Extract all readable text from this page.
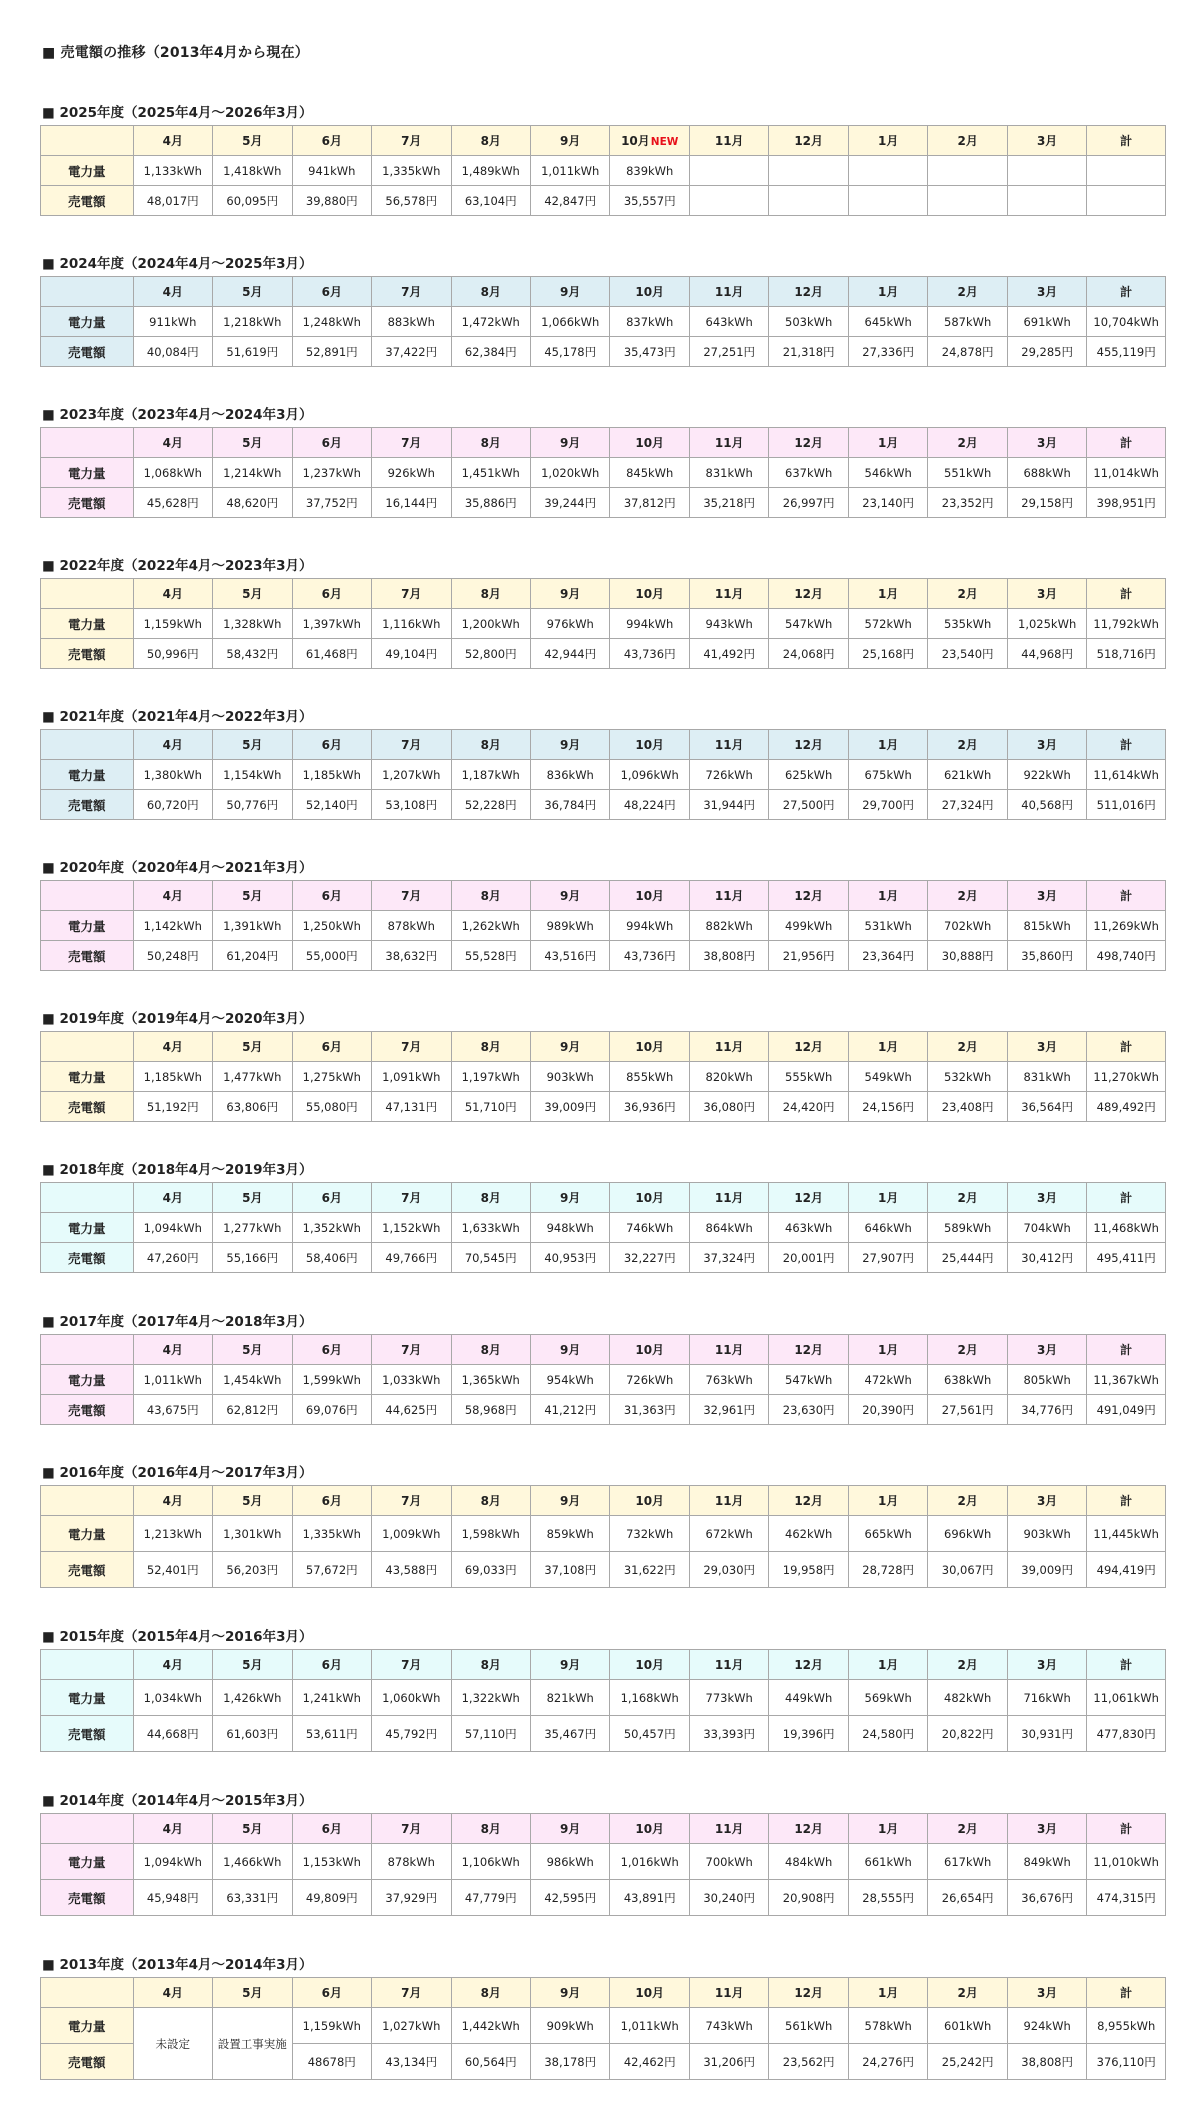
■ 売電額の推移（2013年4月から現在）
■ 2025年度（2025年4月～2026年3月）
	4月	5月	6月	7月	8月	9月	10月NEW	11月	12月	1月	2月	3月	計
電力量	1,133kWh	1,418kWh	941kWh	1,335kWh	1,489kWh	1,011kWh	839kWh						
売電額	48,017円	60,095円	39,880円	56,578円	63,104円	42,847円	35,557円						
■ 2024年度（2024年4月～2025年3月）
	4月	5月	6月	7月	8月	9月	10月	11月	12月	1月	2月	3月	計
電力量	911kWh	1,218kWh	1,248kWh	883kWh	1,472kWh	1,066kWh	837kWh	643kWh	503kWh	645kWh	587kWh	691kWh	10,704kWh
売電額	40,084円	51,619円	52,891円	37,422円	62,384円	45,178円	35,473円	27,251円	21,318円	27,336円	24,878円	29,285円	455,119円
■ 2023年度（2023年4月～2024年3月）
	4月	5月	6月	7月	8月	9月	10月	11月	12月	1月	2月	3月	計
電力量	1,068kWh	1,214kWh	1,237kWh	926kWh	1,451kWh	1,020kWh	845kWh	831kWh	637kWh	546kWh	551kWh	688kWh	11,014kWh
売電額	45,628円	48,620円	37,752円	16,144円	35,886円	39,244円	37,812円	35,218円	26,997円	23,140円	23,352円	29,158円	398,951円
■ 2022年度（2022年4月～2023年3月）
	4月	5月	6月	7月	8月	9月	10月	11月	12月	1月	2月	3月	計
電力量	1,159kWh	1,328kWh	1,397kWh	1,116kWh	1,200kWh	976kWh	994kWh	943kWh	547kWh	572kWh	535kWh	1,025kWh	11,792kWh
売電額	50,996円	58,432円	61,468円	49,104円	52,800円	42,944円	43,736円	41,492円	24,068円	25,168円	23,540円	44,968円	518,716円
■ 2021年度（2021年4月～2022年3月）
	4月	5月	6月	7月	8月	9月	10月	11月	12月	1月	2月	3月	計
電力量	1,380kWh	1,154kWh	1,185kWh	1,207kWh	1,187kWh	836kWh	1,096kWh	726kWh	625kWh	675kWh	621kWh	922kWh	11,614kWh
売電額	60,720円	50,776円	52,140円	53,108円	52,228円	36,784円	48,224円	31,944円	27,500円	29,700円	27,324円	40,568円	511,016円
■ 2020年度（2020年4月～2021年3月）
	4月	5月	6月	7月	8月	9月	10月	11月	12月	1月	2月	3月	計
電力量	1,142kWh	1,391kWh	1,250kWh	878kWh	1,262kWh	989kWh	994kWh	882kWh	499kWh	531kWh	702kWh	815kWh	11,269kWh
売電額	50,248円	61,204円	55,000円	38,632円	55,528円	43,516円	43,736円	38,808円	21,956円	23,364円	30,888円	35,860円	498,740円
■ 2019年度（2019年4月～2020年3月）
	4月	5月	6月	7月	8月	9月	10月	11月	12月	1月	2月	3月	計
電力量	1,185kWh	1,477kWh	1,275kWh	1,091kWh	1,197kWh	903kWh	855kWh	820kWh	555kWh	549kWh	532kWh	831kWh	11,270kWh
売電額	51,192円	63,806円	55,080円	47,131円	51,710円	39,009円	36,936円	36,080円	24,420円	24,156円	23,408円	36,564円	489,492円
■ 2018年度（2018年4月～2019年3月）
	4月	5月	6月	7月	8月	9月	10月	11月	12月	1月	2月	3月	計
電力量	1,094kWh	1,277kWh	1,352kWh	1,152kWh	1,633kWh	948kWh	746kWh	864kWh	463kWh	646kWh	589kWh	704kWh	11,468kWh
売電額	47,260円	55,166円	58,406円	49,766円	70,545円	40,953円	32,227円	37,324円	20,001円	27,907円	25,444円	30,412円	495,411円
■ 2017年度（2017年4月～2018年3月）
	4月	5月	6月	7月	8月	9月	10月	11月	12月	1月	2月	3月	計
電力量	1,011kWh	1,454kWh	1,599kWh	1,033kWh	1,365kWh	954kWh	726kWh	763kWh	547kWh	472kWh	638kWh	805kWh	11,367kWh
売電額	43,675円	62,812円	69,076円	44,625円	58,968円	41,212円	31,363円	32,961円	23,630円	20,390円	27,561円	34,776円	491,049円
■ 2016年度（2016年4月～2017年3月）
	4月	5月	6月	7月	8月	9月	10月	11月	12月	1月	2月	3月	計
電力量	1,213kWh	1,301kWh	1,335kWh	1,009kWh	1,598kWh	859kWh	732kWh	672kWh	462kWh	665kWh	696kWh	903kWh	11,445kWh
売電額	52,401円	56,203円	57,672円	43,588円	69,033円	37,108円	31,622円	29,030円	19,958円	28,728円	30,067円	39,009円	494,419円
■ 2015年度（2015年4月～2016年3月）
	4月	5月	6月	7月	8月	9月	10月	11月	12月	1月	2月	3月	計
電力量	1,034kWh	1,426kWh	1,241kWh	1,060kWh	1,322kWh	821kWh	1,168kWh	773kWh	449kWh	569kWh	482kWh	716kWh	11,061kWh
売電額	44,668円	61,603円	53,611円	45,792円	57,110円	35,467円	50,457円	33,393円	19,396円	24,580円	20,822円	30,931円	477,830円
■ 2014年度（2014年4月～2015年3月）
	4月	5月	6月	7月	8月	9月	10月	11月	12月	1月	2月	3月	計
電力量	1,094kWh	1,466kWh	1,153kWh	878kWh	1,106kWh	986kWh	1,016kWh	700kWh	484kWh	661kWh	617kWh	849kWh	11,010kWh
売電額	45,948円	63,331円	49,809円	37,929円	47,779円	42,595円	43,891円	30,240円	20,908円	28,555円	26,654円	36,676円	474,315円
■ 2013年度（2013年4月～2014年3月）
	4月	5月	6月	7月	8月	9月	10月	11月	12月	1月	2月	3月	計
電力量	未設定	設置工事実施	1,159kWh	1,027kWh	1,442kWh	909kWh	1,011kWh	743kWh	561kWh	578kWh	601kWh	924kWh	8,955kWh
売電額			48678円	43,134円	60,564円	38,178円	42,462円	31,206円	23,562円	24,276円	25,242円	38,808円	376,110円
